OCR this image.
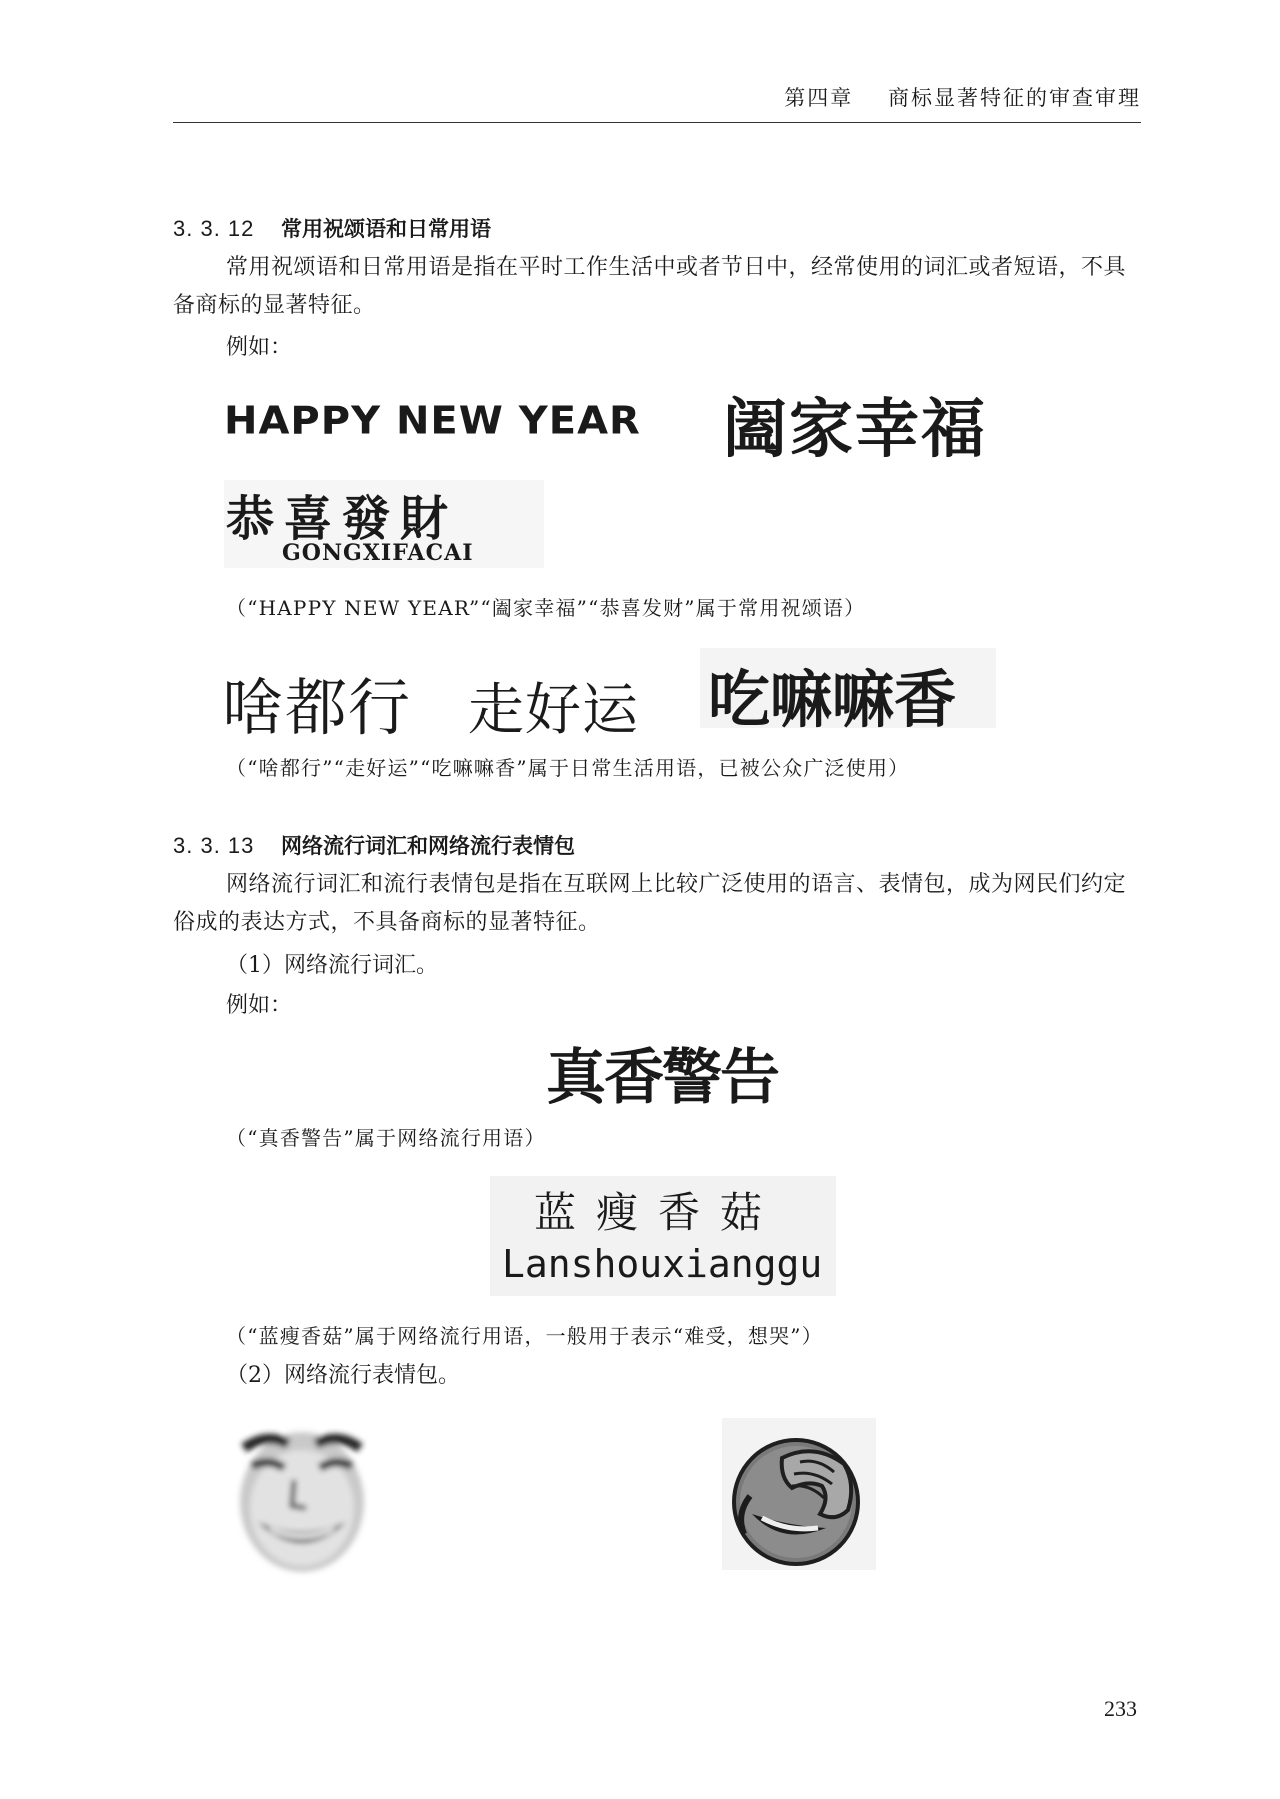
第四章    商标显著特征的审查审理
3. 3. 12 常用祝颂语和日常用语
常用祝颂语和日常用语是指在平时工作生活中或者节日中，经常使用的词汇或者短语，不具备商标的显著特征。
例如：
HAPPY NEW YEAR 阖家幸福
恭喜發財
GONGXIFACAI
（“HAPPY NEW YEAR”“阖家幸福”“恭喜发财”属于常用祝颂语）
啥都行 走好运 吃嘛嘛香
（“啥都行”“走好运”“吃嘛嘛香”属于日常生活用语，已被公众广泛使用）
3. 3. 13 网络流行词汇和网络流行表情包
网络流行词汇和流行表情包是指在互联网上比较广泛使用的语言、表情包，成为网民们约定俗成的表达方式，不具备商标的显著特征。
（1）网络流行词汇。
例如：
真香警告
（“真香警告”属于网络流行用语）
蓝瘦香菇
Lanshouxianggu
（“蓝瘦香菇”属于网络流行用语，一般用于表示“难受，想哭”）
（2）网络流行表情包。
233
